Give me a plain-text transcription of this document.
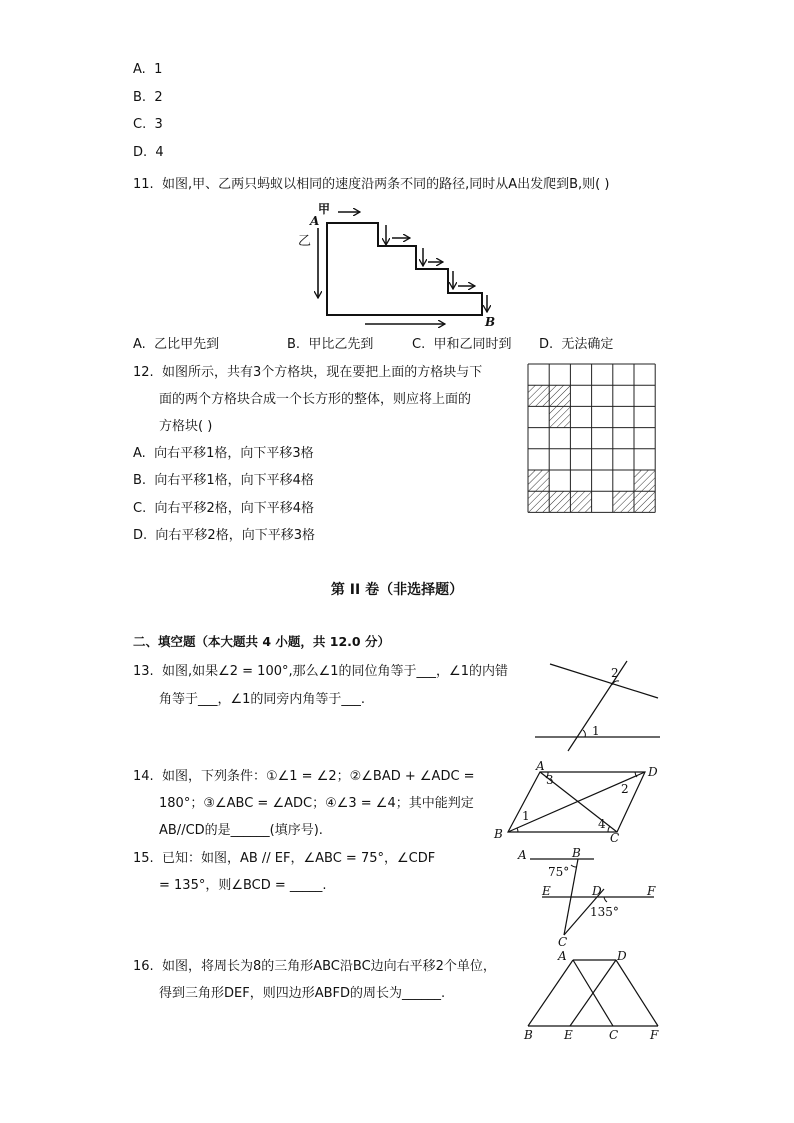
A. 1
B. 2
C. 3
D. 4
11. 如图,甲、乙两只蚂蚁以相同的速度沿两条不同的路径,同时从A出发爬到B,则( )
甲
乙
A
B
A. 乙比甲先到	B. 甲比乙先到	C. 甲和乙同时到 D. 无法确定
12. 如图所示，共有3个方格块，现在要把上面的方格块与下
面的两个方格块合成一个长方形的整体，则应将上面的
方格块( )
A. 向右平移1格，向下平移3格
B. 向右平移1格，向下平移4格
C. 向右平移2格，向下平移4格
D. 向右平移2格，向下平移3格
第 II 卷（非选择题）
二、填空题（本大题共 4 小题，共 12.0 分）
13. 如图,如果∠2 = 100°,那么∠1的同位角等于___，∠1的内错
角等于___，∠1的同旁内角等于___.
1
2
14. 如图，下列条件：①∠1 = ∠2；②∠BAD + ∠ADC =
180°；③∠ABC = ∠ADC；④∠3 = ∠4；其中能判定
AB//CD的是______(填序号).
A	D
B	C
1
2
3
4
15. 已知：如图，AB // EF，∠ABC = 75°，∠CDF
= 135°，则∠BCD = _____.
A	B
E	D	F
C
75°
135°
16. 如图，将周长为8的三角形ABC沿BC边向右平移2个单位，
得到三角形DEF，则四边形ABFD的周长为______.
A	D
B	E	C	F
